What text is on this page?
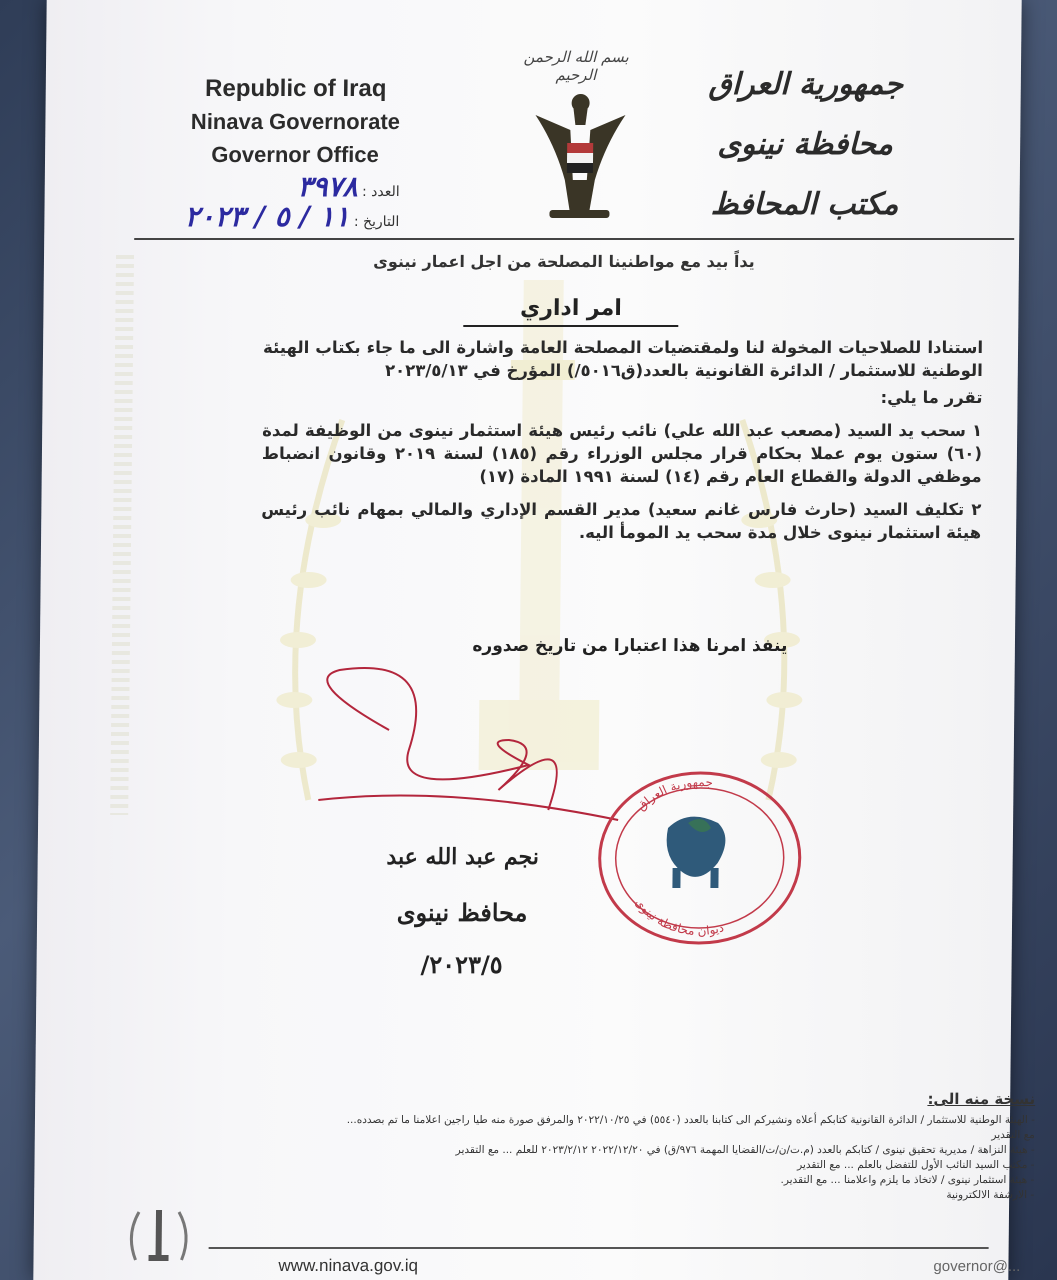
Republic of Iraq
Ninava Governorate
Governor Office
بسم الله الرحمن الرحيم	جمهورية العراق
محافظة نينوى
مكتب المحافظ
العدد : ٣٩٧٨
التاريخ : ١١ / ٥ / ٢٠٢٣
يداً بيد مع مواطنينا المصلحة من اجل اعمار نينوى
امر اداري

استنادا للصلاحيات المخولة لنا ولمقتضيات المصلحة العامة واشارة الى ما جاء بكتاب الهيئة الوطنية للاستثمار / الدائرة القانونية بالعدد(ق٥٠١٦/) المؤرخ في ٢٠٢٣/٥/١٣

تقرر ما يلي:

١ سحب يد السيد (مصعب عبد الله علي) نائب رئيس هيئة استثمار نينوى من الوظيفة لمدة (٦٠) ستون يوم عملا بحكام قرار مجلس الوزراء رقم (١٨٥) لسنة ٢٠١٩ وقانون انضباط موظفي الدولة والقطاع العام رقم (١٤) لسنة ١٩٩١ المادة (١٧)

٢ تكليف السيد (حارث فارس غانم سعيد) مدير القسم الإداري والمالي بمهام نائب رئيس هيئة استثمار نينوى خلال مدة سحب يد المومأ اليه.

ينفذ امرنا هذا اعتبارا من تاريخ صدوره
نجم عبد الله عبد
محافظ نينوى
٢٠٢٣/٥/
جمهورية العراق
ديوان محافظة نينوى
نسخة منه الى:
- الهيئة الوطنية للاستثمار / الدائرة القانونية كتابكم أعلاه ونشيركم الى كتابنا بالعدد (٥٥٤٠) في ٢٠٢٢/١٠/٢٥ والمرفق صورة منه طيا راجين اعلامنا ما تم بصدده... مع التقدير
- هيئة النزاهة / مديرية تحقيق نينوى / كتابكم بالعدد (م.ت/ن/ت/القضايا المهمة ٩٧٦/ق) في ٢٠٢٢/١٢/٢٠ ٢٠٢٣/٢/١٢ للعلم ... مع التقدير
- مكتب السيد النائب الأول للتفضل بالعلم ... مع التقدير
- هيئة استثمار نينوى / لاتخاذ ما يلزم واعلامنا ... مع التقدير.
- الارشفة الالكترونية
www.ninava.gov.iq	governor@...
